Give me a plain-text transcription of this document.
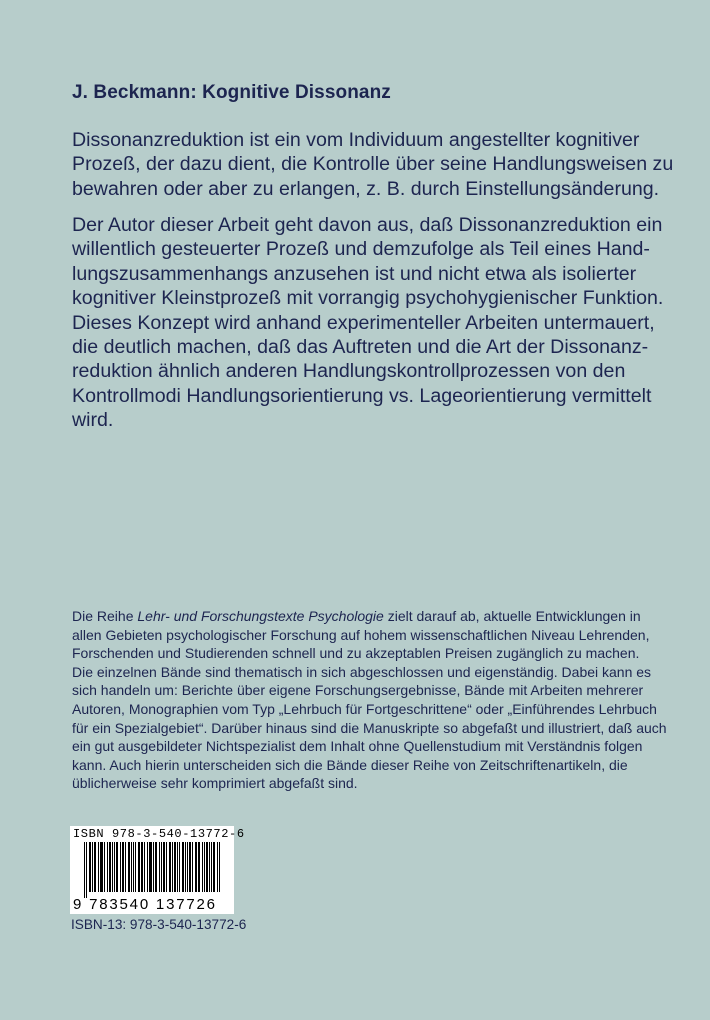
J. Beckmann: Kognitive Dissonanz
Dissonanzreduktion ist ein vom Individuum angestellter kognitiver
Prozeß, der dazu dient, die Kontrolle über seine Handlungsweisen zu
bewahren oder aber zu erlangen, z. B. durch Einstellungsänderung.
Der Autor dieser Arbeit geht davon aus, daß Dissonanzreduktion ein
willentlich gesteuerter Prozeß und demzufolge als Teil eines Hand-
lungszusammenhangs anzusehen ist und nicht etwa als isolierter
kognitiver Kleinstprozeß mit vorrangig psychohygienischer Funktion.
Dieses Konzept wird anhand experimenteller Arbeiten untermauert,
die deutlich machen, daß das Auftreten und die Art der Dissonanz-
reduktion ähnlich anderen Handlungskontrollprozessen von den
Kontrollmodi Handlungsorientierung vs. Lageorientierung vermittelt
wird.
Die Reihe Lehr- und Forschungstexte Psychologie zielt darauf ab, aktuelle Entwicklungen in
allen Gebieten psychologischer Forschung auf hohem wissenschaftlichen Niveau Lehrenden,
Forschenden und Studierenden schnell und zu akzeptablen Preisen zugänglich zu machen.
Die einzelnen Bände sind thematisch in sich abgeschlossen und eigenständig. Dabei kann es
sich handeln um: Berichte über eigene Forschungsergebnisse, Bände mit Arbeiten mehrerer
Autoren, Monographien vom Typ „Lehrbuch für Fortgeschrittene“ oder „Einführendes Lehrbuch
für ein Spezialgebiet“. Darüber hinaus sind die Manuskripte so abgefaßt und illustriert, daß auch
ein gut ausgebildeter Nichtspezialist dem Inhalt ohne Quellenstudium mit Verständnis folgen
kann. Auch hierin unterscheiden sich die Bände dieser Reihe von Zeitschriftenartikeln, die
üblicherweise sehr komprimiert abgefaßt sind.
ISBN 978-3-540-13772-6
9 783540 137726
ISBN-13: 978-3-540-13772-6
